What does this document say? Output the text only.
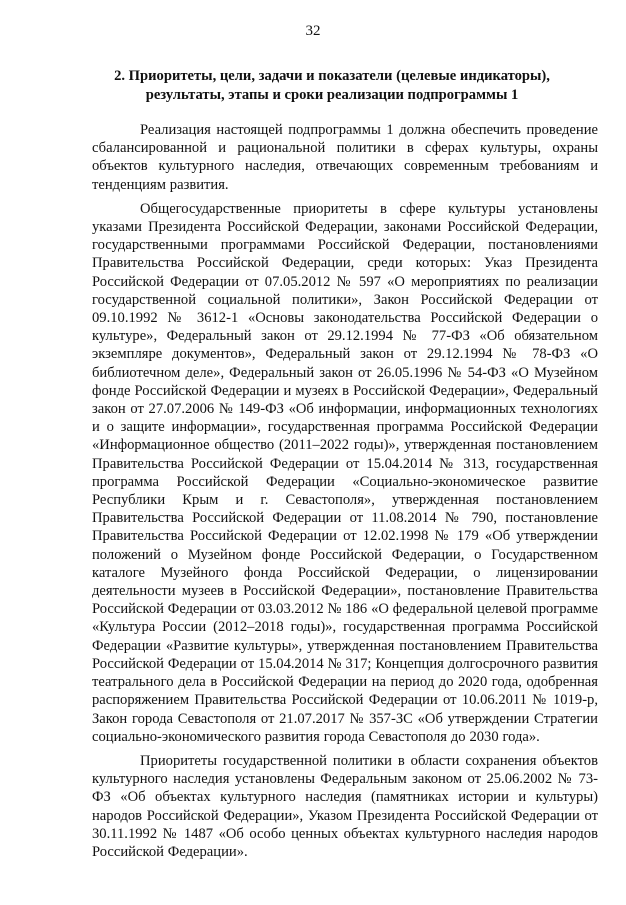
32
2. Приоритеты, цели, задачи и показатели (целевые индикаторы), результаты, этапы и сроки реализации подпрограммы 1

Реализация настоящей подпрограммы 1 должна обеспечить проведение сбалансированной и рациональной политики в сферах культуры, охраны объектов культурного наследия, отвечающих современным требованиям и тенденциям развития.

Общегосударственные приоритеты в сфере культуры установлены указами Президента Российской Федерации, законами Российской Федерации, государственными программами Российской Федерации, постановлениями Правительства Российской Федерации, среди которых: Указ Президента Российской Федерации от 07.05.2012 № 597 «О мероприятиях по реализации государственной социальной политики», Закон Российской Федерации от 09.10.1992 № 3612-1 «Основы законодательства Российской Федерации о культуре», Федеральный закон от 29.12.1994 № 77-ФЗ «Об обязательном экземпляре документов», Федеральный закон от 29.12.1994 № 78-ФЗ «О библиотечном деле», Федеральный закон от 26.05.1996 № 54-ФЗ «О Музейном фонде Российской Федерации и музеях в Российской Федерации», Федеральный закон от 27.07.2006 № 149-ФЗ «Об информации, информационных технологиях и о защите информации», государственная программа Российской Федерации «Информационное общество (2011–2022 годы)», утвержденная постановлением Правительства Российской Федерации от 15.04.2014 № 313, государственная программа Российской Федерации «Социально-экономическое развитие Республики Крым и г. Севастополя», утвержденная постановлением Правительства Российской Федерации от 11.08.2014 № 790, постановление Правительства Российской Федерации от 12.02.1998 № 179 «Об утверждении положений о Музейном фонде Российской Федерации, о Государственном каталоге Музейного фонда Российской Федерации, о лицензировании деятельности музеев в Российской Федерации», постановление Правительства Российской Федерации от 03.03.2012 № 186 «О федеральной целевой программе «Культура России (2012–2018 годы)», государственная программа Российской Федерации «Развитие культуры», утвержденная постановлением Правительства Российской Федерации от 15.04.2014 № 317; Концепция долгосрочного развития театрального дела в Российской Федерации на период до 2020 года, одобренная распоряжением Правительства Российской Федерации от 10.06.2011 № 1019-р, Закон города Севастополя от 21.07.2017 № 357-ЗС «Об утверждении Стратегии социально-экономического развития города Севастополя до 2030 года».

Приоритеты государственной политики в области сохранения объектов культурного наследия установлены Федеральным законом от 25.06.2002 № 73-ФЗ «Об объектах культурного наследия (памятниках истории и культуры) народов Российской Федерации», Указом Президента Российской Федерации от 30.11.1992 № 1487 «Об особо ценных объектах культурного наследия народов Российской Федерации».
